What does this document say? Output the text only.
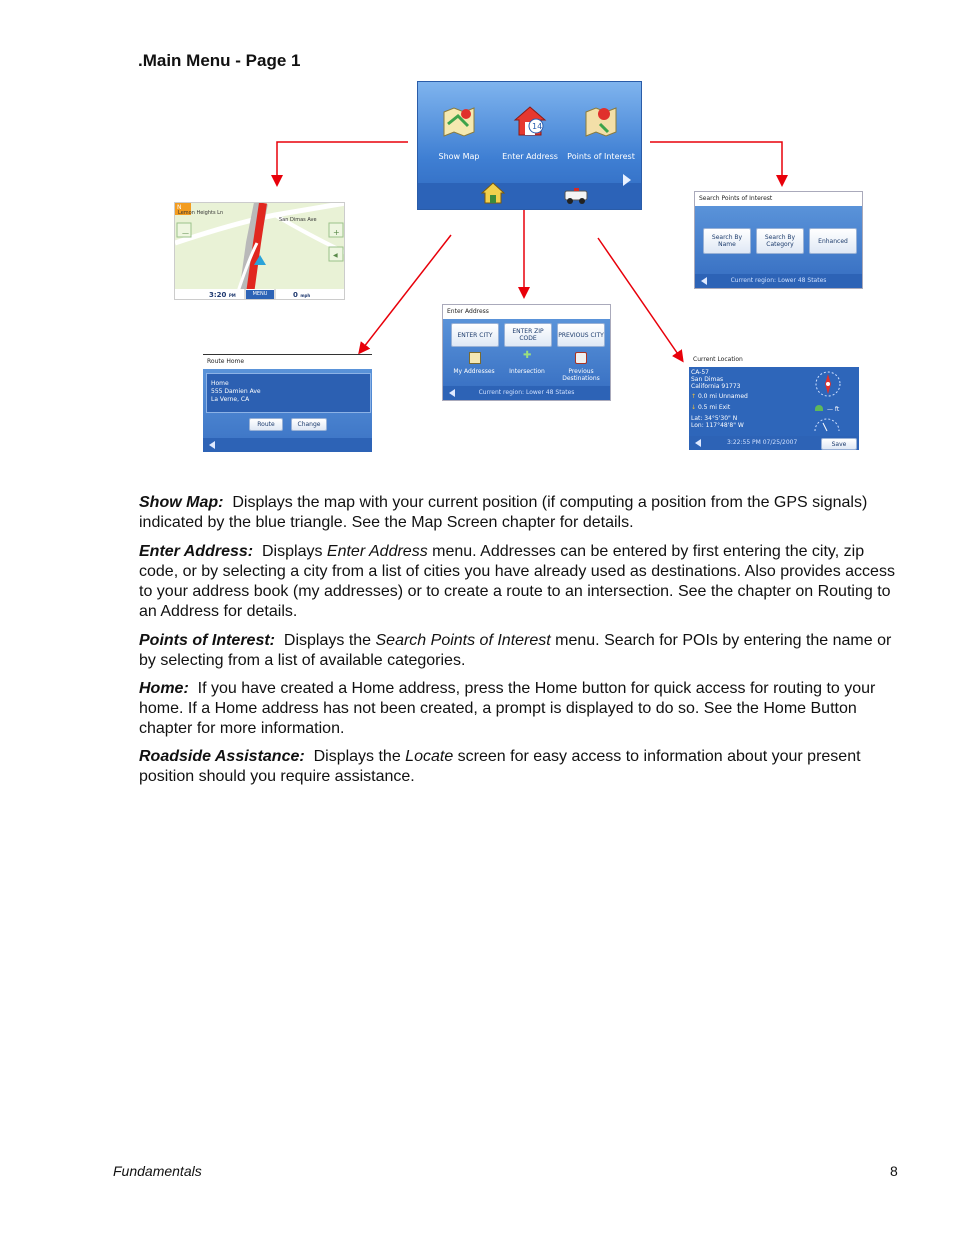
.Main Menu - Page 1
Show Map
14
Enter Address	Points of Interest
N
Lemon Heights Ln
San Dimas Ave
—	+
◀
3:20 PM	MENU	0 mph
Search Points of Interest
Search By Name
Search By Category	Enhanced
Current region: Lower 48 States
Route Home
Home
555 Damien Ave
La Verne, CA
Route	Change
Enter Address
ENTER CITY	ENTER ZIP CODE	PREVIOUS CITY
✚
My Addresses	Intersection	Previous Destinations
Current region: Lower 48 States
Current Location
CA-57
San Dimas
California 91773
↑ 0.0 mi Unnamed
↓ 0.5 mi Exit
Lat: 34°5'30" N
Lon: 117°48'8" W
— ft
3:22:55 PM 07/25/2007	Save
Show Map: Displays the map with your current position (if computing a position from the GPS signals) indicated by the blue triangle. See the Map Screen chapter for details.
Enter Address: Displays Enter Address menu. Addresses can be entered by first entering the city, zip code, or by selecting a city from a list of cities you have already used as destinations. Also provides access to your address book (my addresses) or to create a route to an intersection. See the chapter on Routing to an Address for details.
Points of Interest: Displays the Search Points of Interest menu. Search for POIs by entering the name or by selecting from a list of available categories.
Home: If you have created a Home address, press the Home button for quick access for routing to your home. If a Home address has not been created, a prompt is displayed to do so. See the Home Button chapter for more information.
Roadside Assistance: Displays the Locate screen for easy access to information about your present position should you require assistance.
Fundamentals	8
